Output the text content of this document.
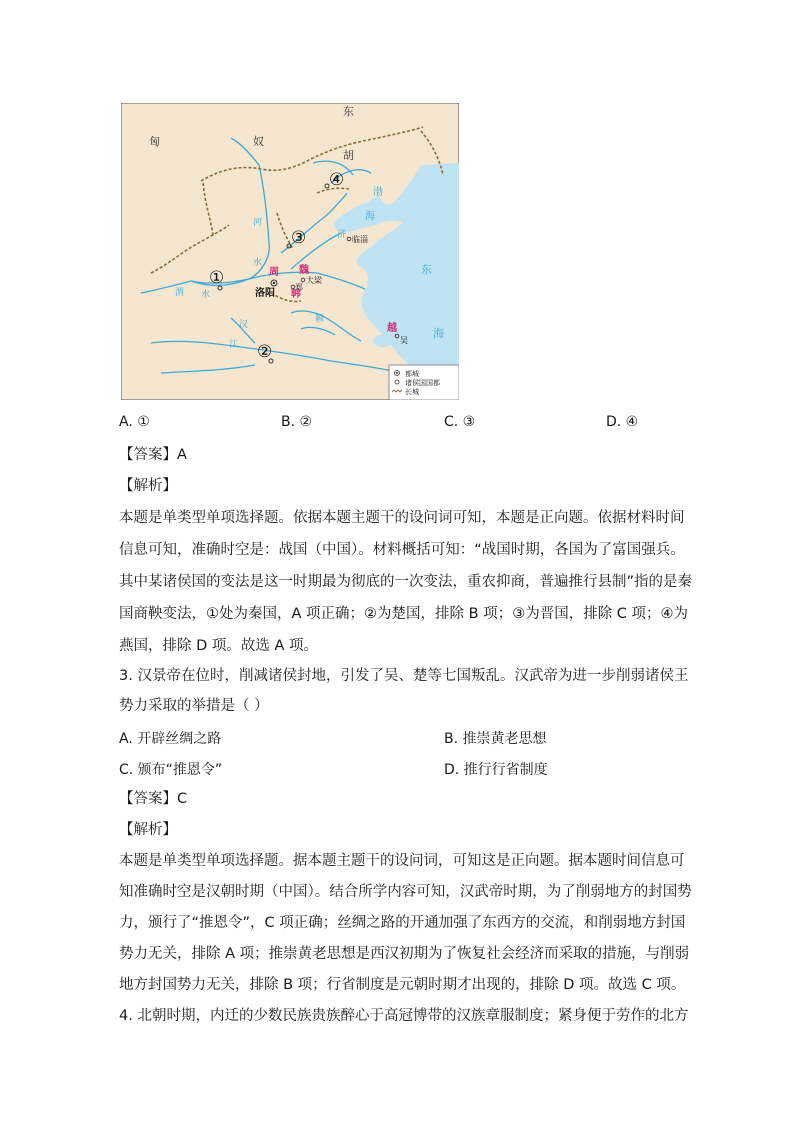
匈	奴
东
胡
渤
海
东
海
河
水
济
渭 水
江
汉
颍
①
②
③
④
洛阳
周 魏
韩
大梁
郑
临淄
越
吴
都城
诸侯国国都
长城
A. ①	B. ②	C. ③	D. ④
【答案】A
【解析】
本题是单类型单项选择题。依据本题主题干的设问词可知，本题是正向题。依据材料时间
信息可知，准确时空是：战国（中国）。材料概括可知：“战国时期，各国为了富国强兵。
其中某诸侯国的变法是这一时期最为彻底的一次变法，重农抑商，普遍推行县制”指的是秦
国商鞅变法，①处为秦国，A 项正确；②为楚国，排除 B 项；③为晋国，排除 C 项；④为
燕国，排除 D 项。故选 A 项。
3. 汉景帝在位时，削减诸侯封地，引发了吴、楚等七国叛乱。汉武帝为进一步削弱诸侯王
势力采取的举措是（ ）
A. 开辟丝绸之路	B. 推崇黄老思想
C. 颁布“推恩令”	D. 推行行省制度
【答案】C
【解析】
本题是单类型单项选择题。据本题主题干的设问词，可知这是正向题。据本题时间信息可
知准确时空是汉朝时期（中国）。结合所学内容可知，汉武帝时期，为了削弱地方的封国势
力，颁行了“推恩令”，C 项正确；丝绸之路的开通加强了东西方的交流，和削弱地方封国
势力无关，排除 A 项；推崇黄老思想是西汉初期为了恢复社会经济而采取的措施，与削弱
地方封国势力无关，排除 B 项；行省制度是元朝时期才出现的，排除 D 项。故选 C 项。
4. 北朝时期，内迁的少数民族贵族醉心于高冠博带的汉族章服制度；紧身便于劳作的北方
